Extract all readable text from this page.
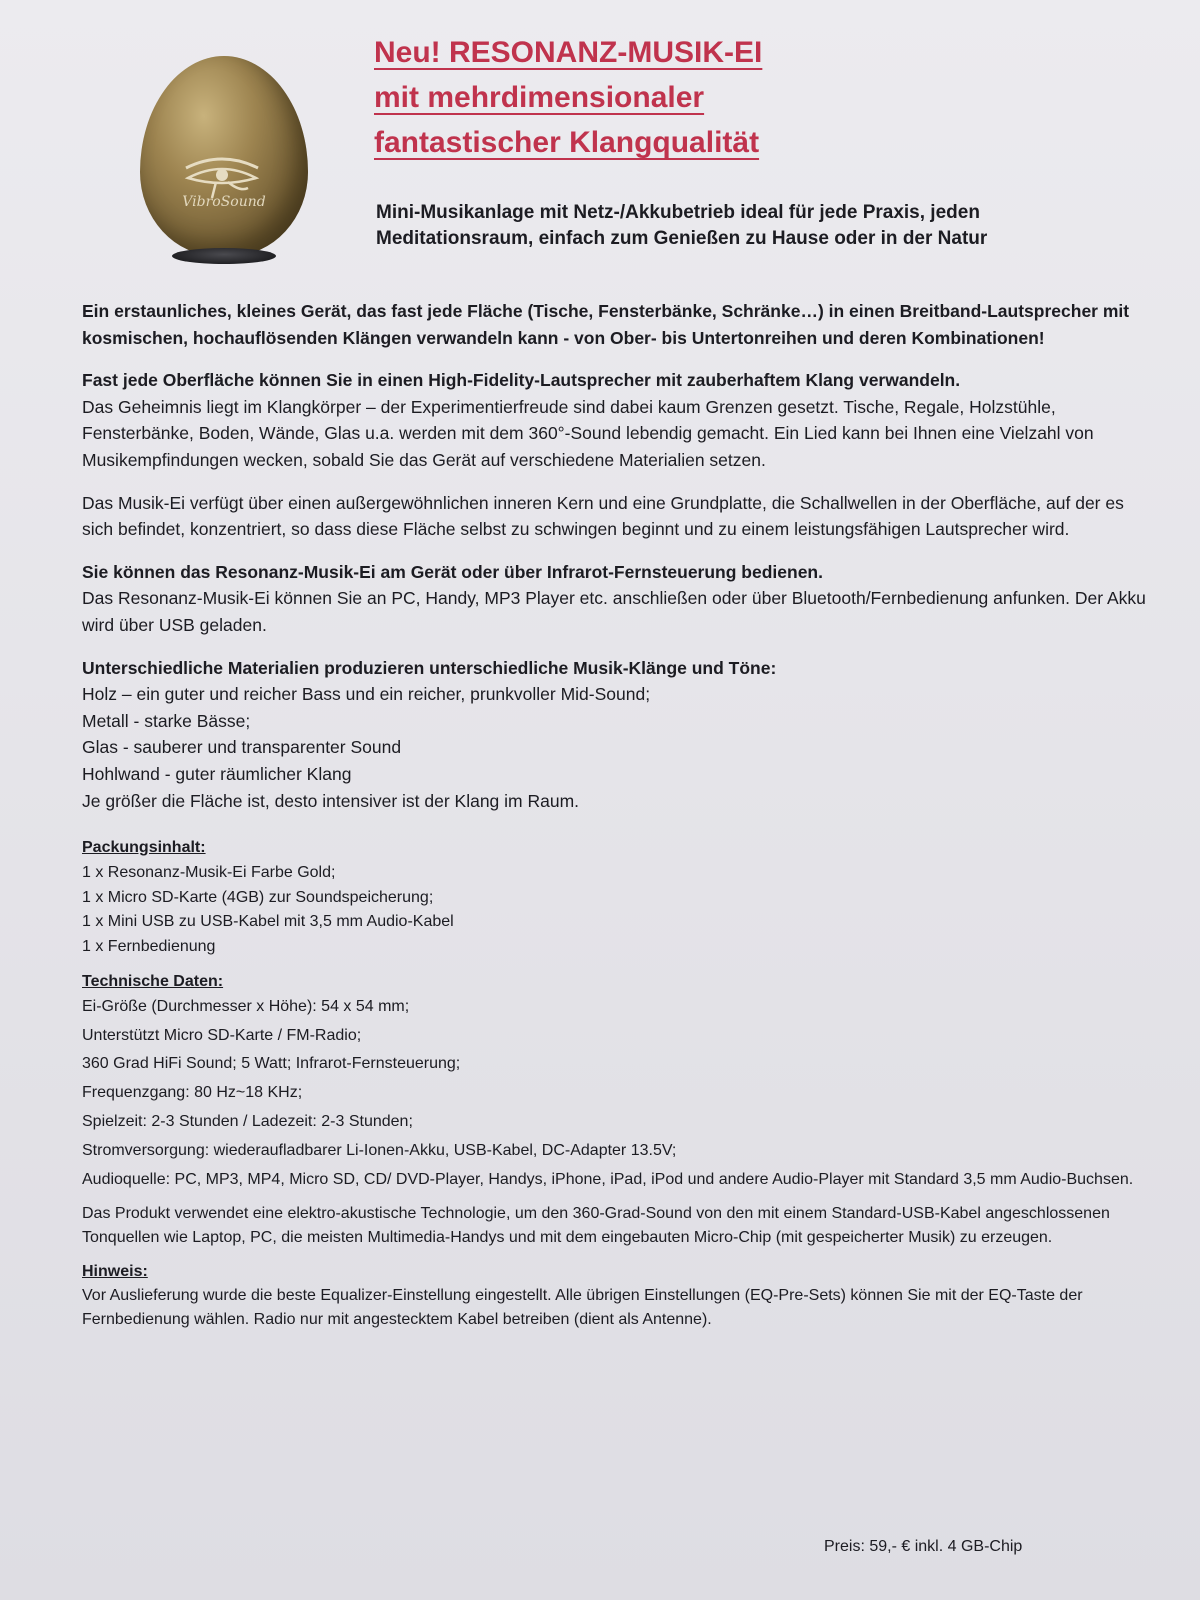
VibroSound
Neu! RESONANZ-MUSIK-EI
mit mehrdimensionaler
fantastischer Klangqualität

Mini-Musikanlage mit Netz-/Akkubetrieb ideal für jede Praxis, jeden Meditationsraum, einfach zum Genießen zu Hause oder in der Natur

Ein erstaunliches, kleines Gerät, das fast jede Fläche (Tische, Fensterbänke, Schränke…) in einen Breitband-Lautsprecher mit kosmischen, hochauflösenden Klängen verwandeln kann - von Ober- bis Untertonreihen und deren Kombinationen!

Fast jede Oberfläche können Sie in einen High-Fidelity-Lautsprecher mit zauberhaftem Klang verwandeln.
Das Geheimnis liegt im Klangkörper – der Experimentierfreude sind dabei kaum Grenzen gesetzt. Tische, Regale, Holzstühle, Fensterbänke, Boden, Wände, Glas u.a. werden mit dem 360°-Sound lebendig gemacht. Ein Lied kann bei Ihnen eine Vielzahl von Musikempfindungen wecken, sobald Sie das Gerät auf verschiedene Materialien setzen.

Das Musik-Ei verfügt über einen außergewöhnlichen inneren Kern und eine Grundplatte, die Schallwellen in der Oberfläche, auf der es sich befindet, konzentriert, so dass diese Fläche selbst zu schwingen beginnt und zu einem leistungsfähigen Lautsprecher wird.

Sie können das Resonanz-Musik-Ei am Gerät oder über Infrarot-Fernsteuerung bedienen.
Das Resonanz-Musik-Ei können Sie an PC, Handy, MP3 Player etc. anschließen oder über Bluetooth/Fernbedienung anfunken. Der Akku wird über USB geladen.

Unterschiedliche Materialien produzieren unterschiedliche Musik-Klänge und Töne:
Holz – ein guter und reicher Bass und ein reicher, prunkvoller Mid-Sound;
Metall - starke Bässe;
Glas - sauberer und transparenter Sound
Hohlwand - guter räumlicher Klang
Je größer die Fläche ist, desto intensiver ist der Klang im Raum.
Packungsinhalt:
1 x Resonanz-Musik-Ei Farbe Gold;
1 x Micro SD-Karte (4GB) zur Soundspeicherung;
1 x Mini USB zu USB-Kabel mit 3,5 mm Audio-Kabel
1 x Fernbedienung
Technische Daten:
Ei-Größe (Durchmesser x Höhe): 54 x 54 mm;
Unterstützt Micro SD-Karte / FM-Radio;
360 Grad HiFi Sound; 5 Watt; Infrarot-Fernsteuerung;
Frequenzgang: 80 Hz~18 KHz;
Spielzeit: 2-3 Stunden / Ladezeit: 2-3 Stunden;
Stromversorgung: wiederaufladbarer Li-Ionen-Akku, USB-Kabel, DC-Adapter 13.5V;
Audioquelle: PC, MP3, MP4, Micro SD, CD/ DVD-Player, Handys, iPhone, iPad, iPod und andere Audio-Player mit Standard 3,5 mm Audio-Buchsen.

Das Produkt verwendet eine elektro-akustische Technologie, um den 360-Grad-Sound von den mit einem Standard-USB-Kabel angeschlossenen Tonquellen wie Laptop, PC, die meisten Multimedia-Handys und mit dem eingebauten Micro-Chip (mit gespeicherter Musik) zu erzeugen.

Hinweis:
Vor Auslieferung wurde die beste Equalizer-Einstellung eingestellt. Alle übrigen Einstellungen (EQ-Pre-Sets) können Sie mit der EQ-Taste der Fernbedienung wählen. Radio nur mit angestecktem Kabel betreiben (dient als Antenne).

Preis: 59,- € inkl. 4 GB-Chip
